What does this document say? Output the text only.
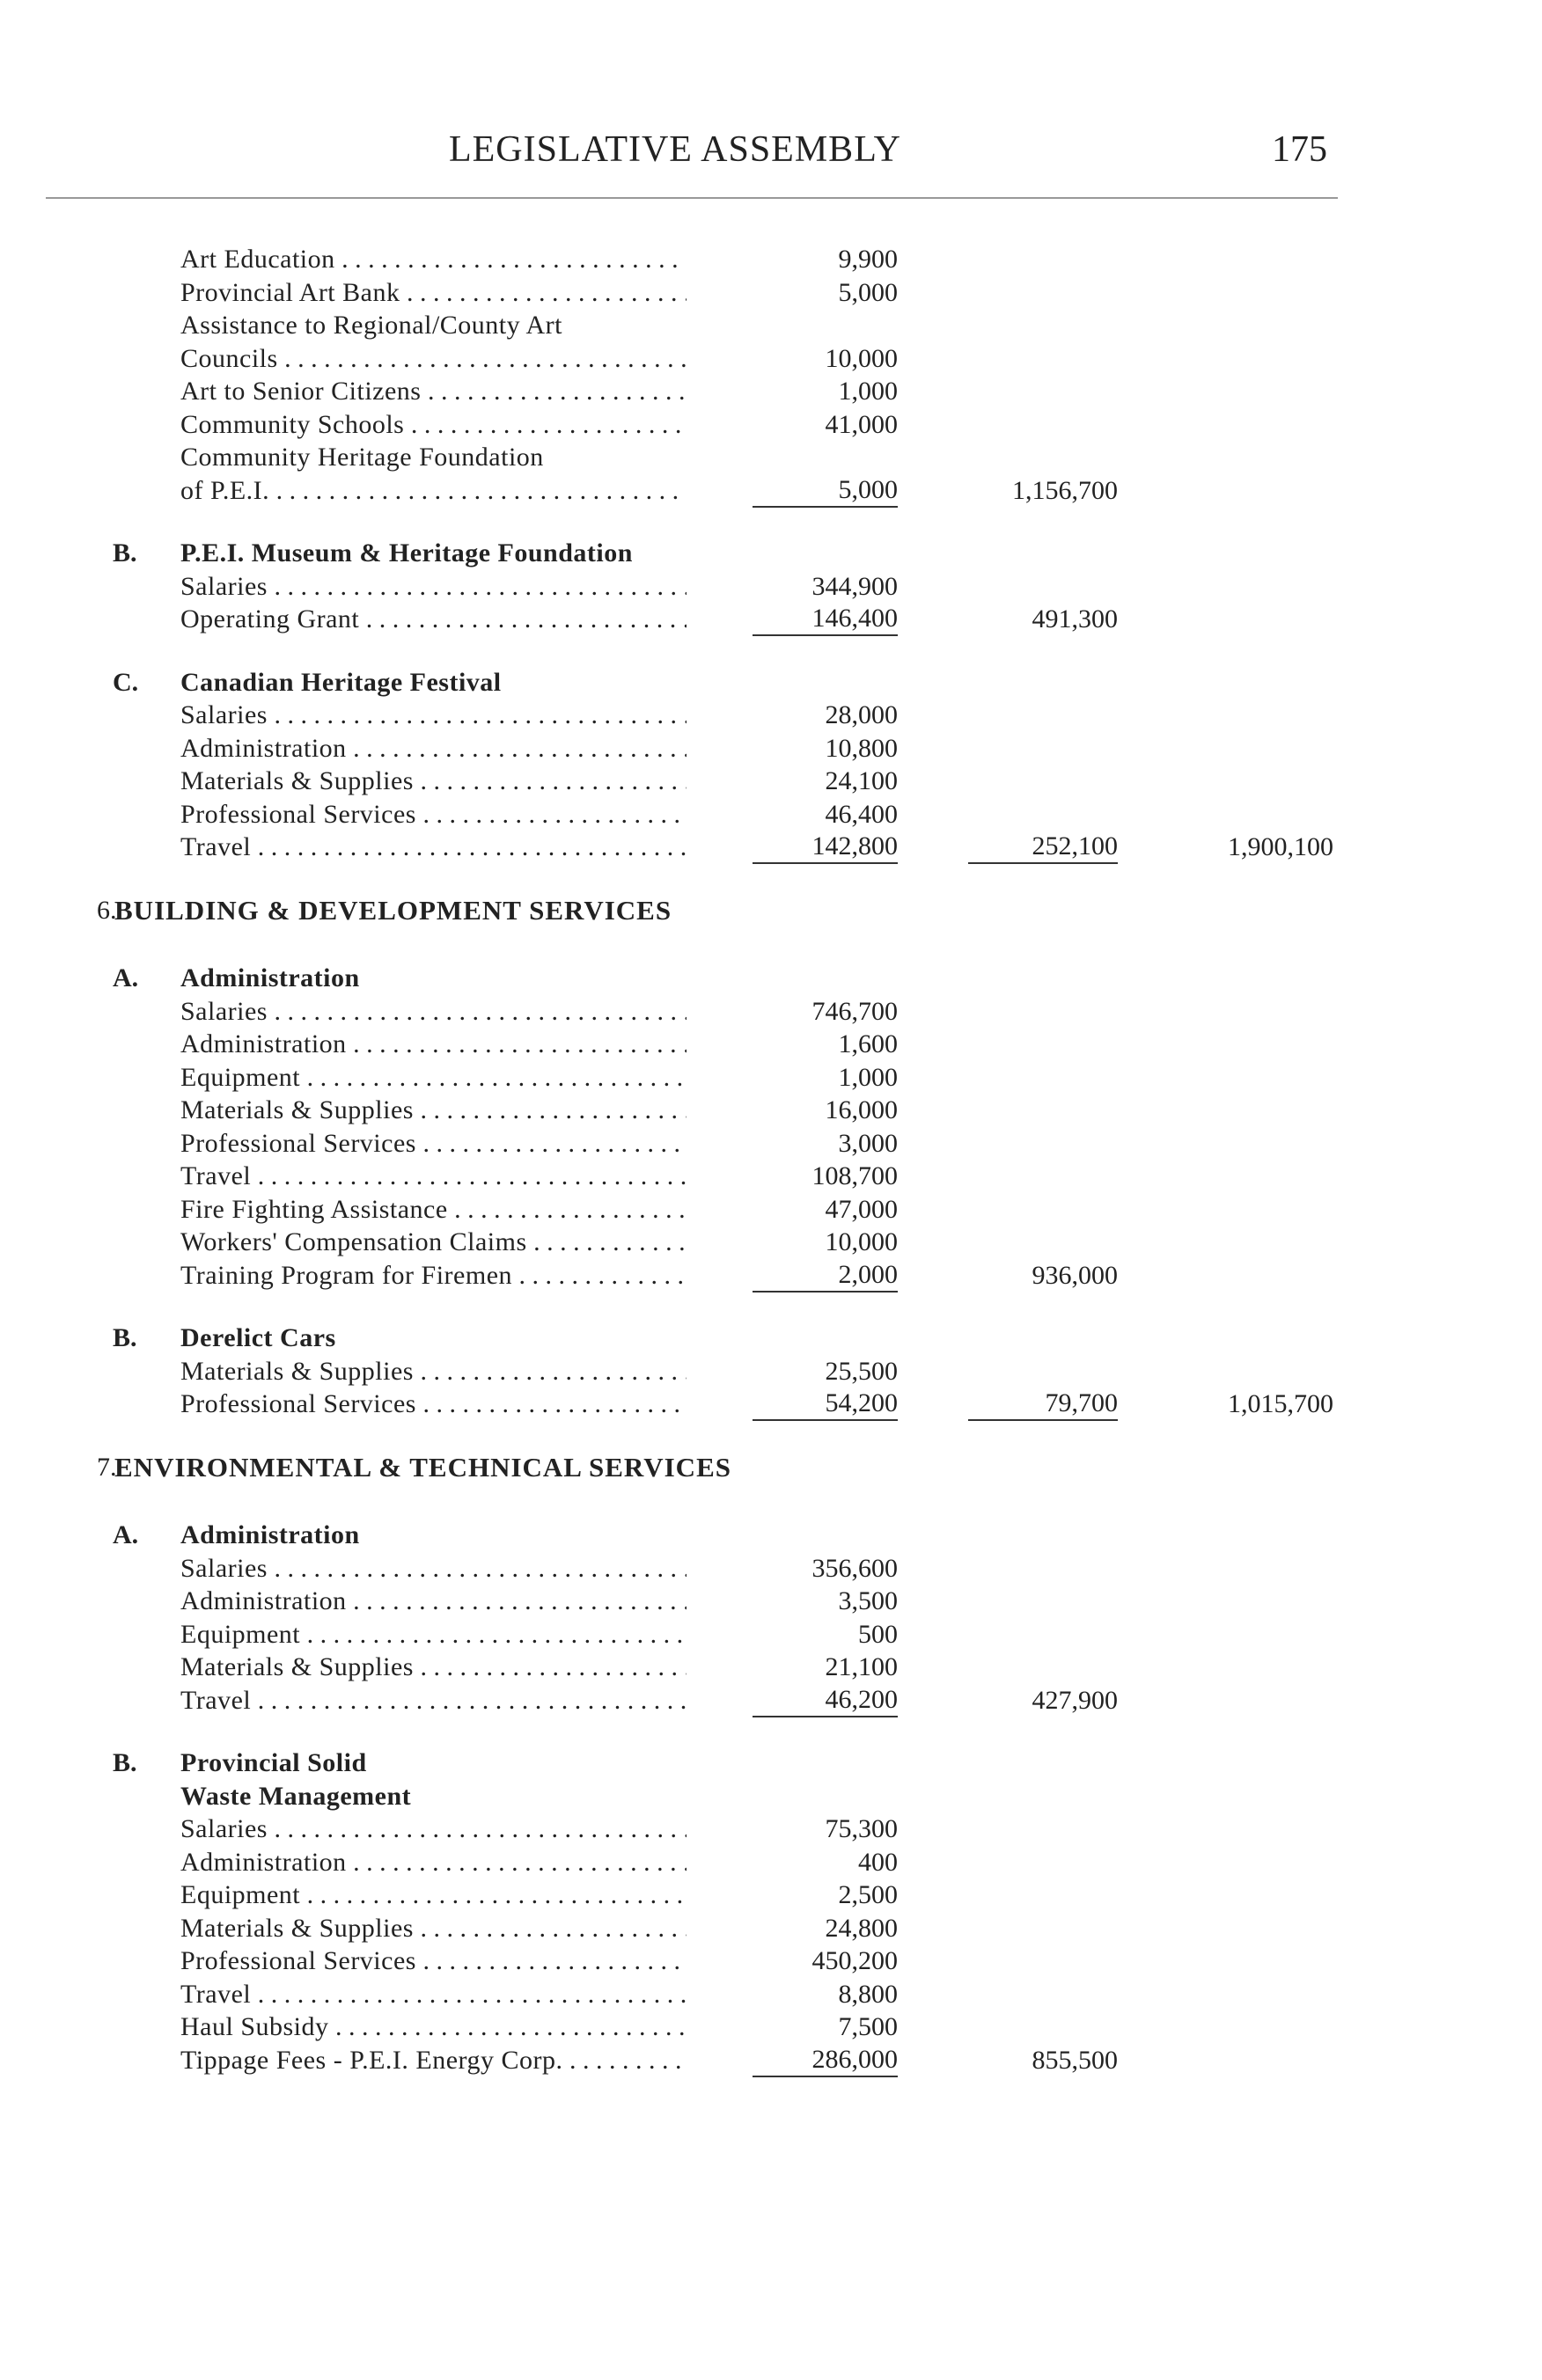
LEGISLATIVE ASSEMBLY	175
Art Education . . .	9,900
Provincial Art Bank . . .	5,000
Assistance to Regional/County Art
Councils . . .	10,000
Art to Senior Citizens . . .	1,000
Community Schools . . .	41,000
Community Heritage Foundation
of P.E.I. . . .	5,000	1,156,700
B.	P.E.I. Museum & Heritage Foundation
Salaries . . .	344,900
Operating Grant . . .	146,400	491,300
C.	Canadian Heritage Festival
Salaries . . .	28,000
Administration . . .	10,800
Materials & Supplies . . .	24,100
Professional Services . . .	46,400
Travel . . .	142,800	252,100	1,900,100
6.
BUILDING & DEVELOPMENT SERVICES
A.	Administration
Salaries . . .	746,700
Administration . . .	1,600
Equipment . . .	1,000
Materials & Supplies . . .	16,000
Professional Services . . .	3,000
Travel . . .	108,700
Fire Fighting Assistance . . .	47,000
Workers' Compensation Claims . . .	10,000
Training Program for Firemen . . .	2,000	936,000
B.	Derelict Cars
Materials & Supplies . . .	25,500
Professional Services . . .	54,200	79,700	1,015,700
7.
ENVIRONMENTAL & TECHNICAL SERVICES
A.	Administration
Salaries . . .	356,600
Administration . . .	3,500
Equipment . . .	500
Materials & Supplies . . .	21,100
Travel . . .	46,200	427,900
B.	Provincial Solid
Waste Management
Salaries . . .	75,300
Administration . . .	400
Equipment . . .	2,500
Materials & Supplies . . .	24,800
Professional Services . . .	450,200
Travel . . .	8,800
Haul Subsidy . . .	7,500
Tippage Fees - P.E.I. Energy Corp. . . .	286,000	855,500
